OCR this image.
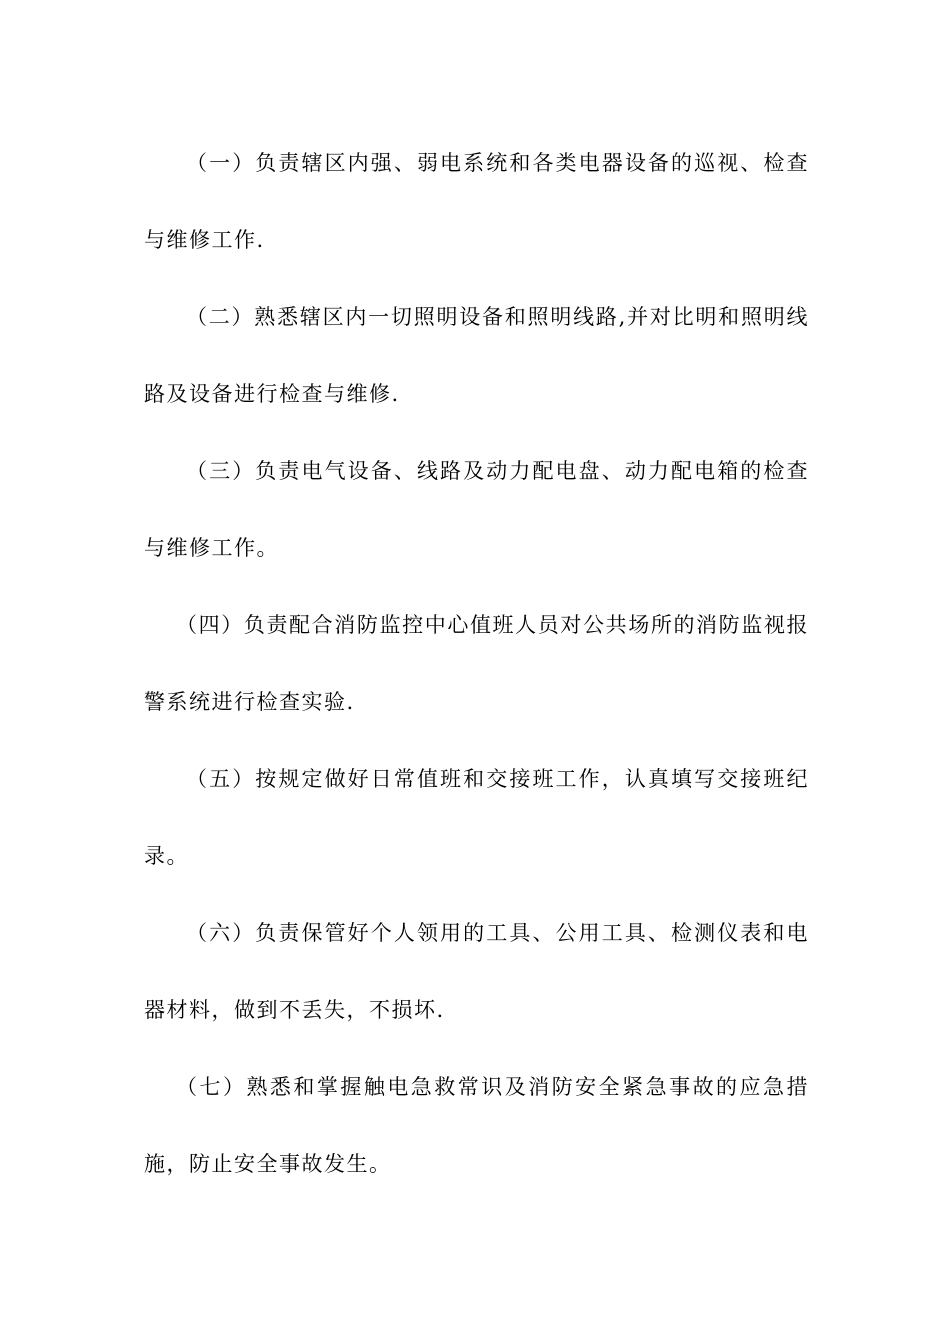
（一）负责辖区内强、弱电系统和各类电器设备的巡视、检查与维修工作.

（二）熟悉辖区内一切照明设备和照明线路,并对比明和照明线路及设备进行检查与维修.

（三）负责电气设备、线路及动力配电盘、动力配电箱的检查与维修工作。

（四）负责配合消防监控中心值班人员对公共场所的消防监视报警系统进行检查实验.

（五）按规定做好日常值班和交接班工作，认真填写交接班纪录。

（六）负责保管好个人领用的工具、公用工具、检测仪表和电器材料，做到不丢失，不损坏.

（七）熟悉和掌握触电急救常识及消防安全紧急事故的应急措施，防止安全事故发生。
